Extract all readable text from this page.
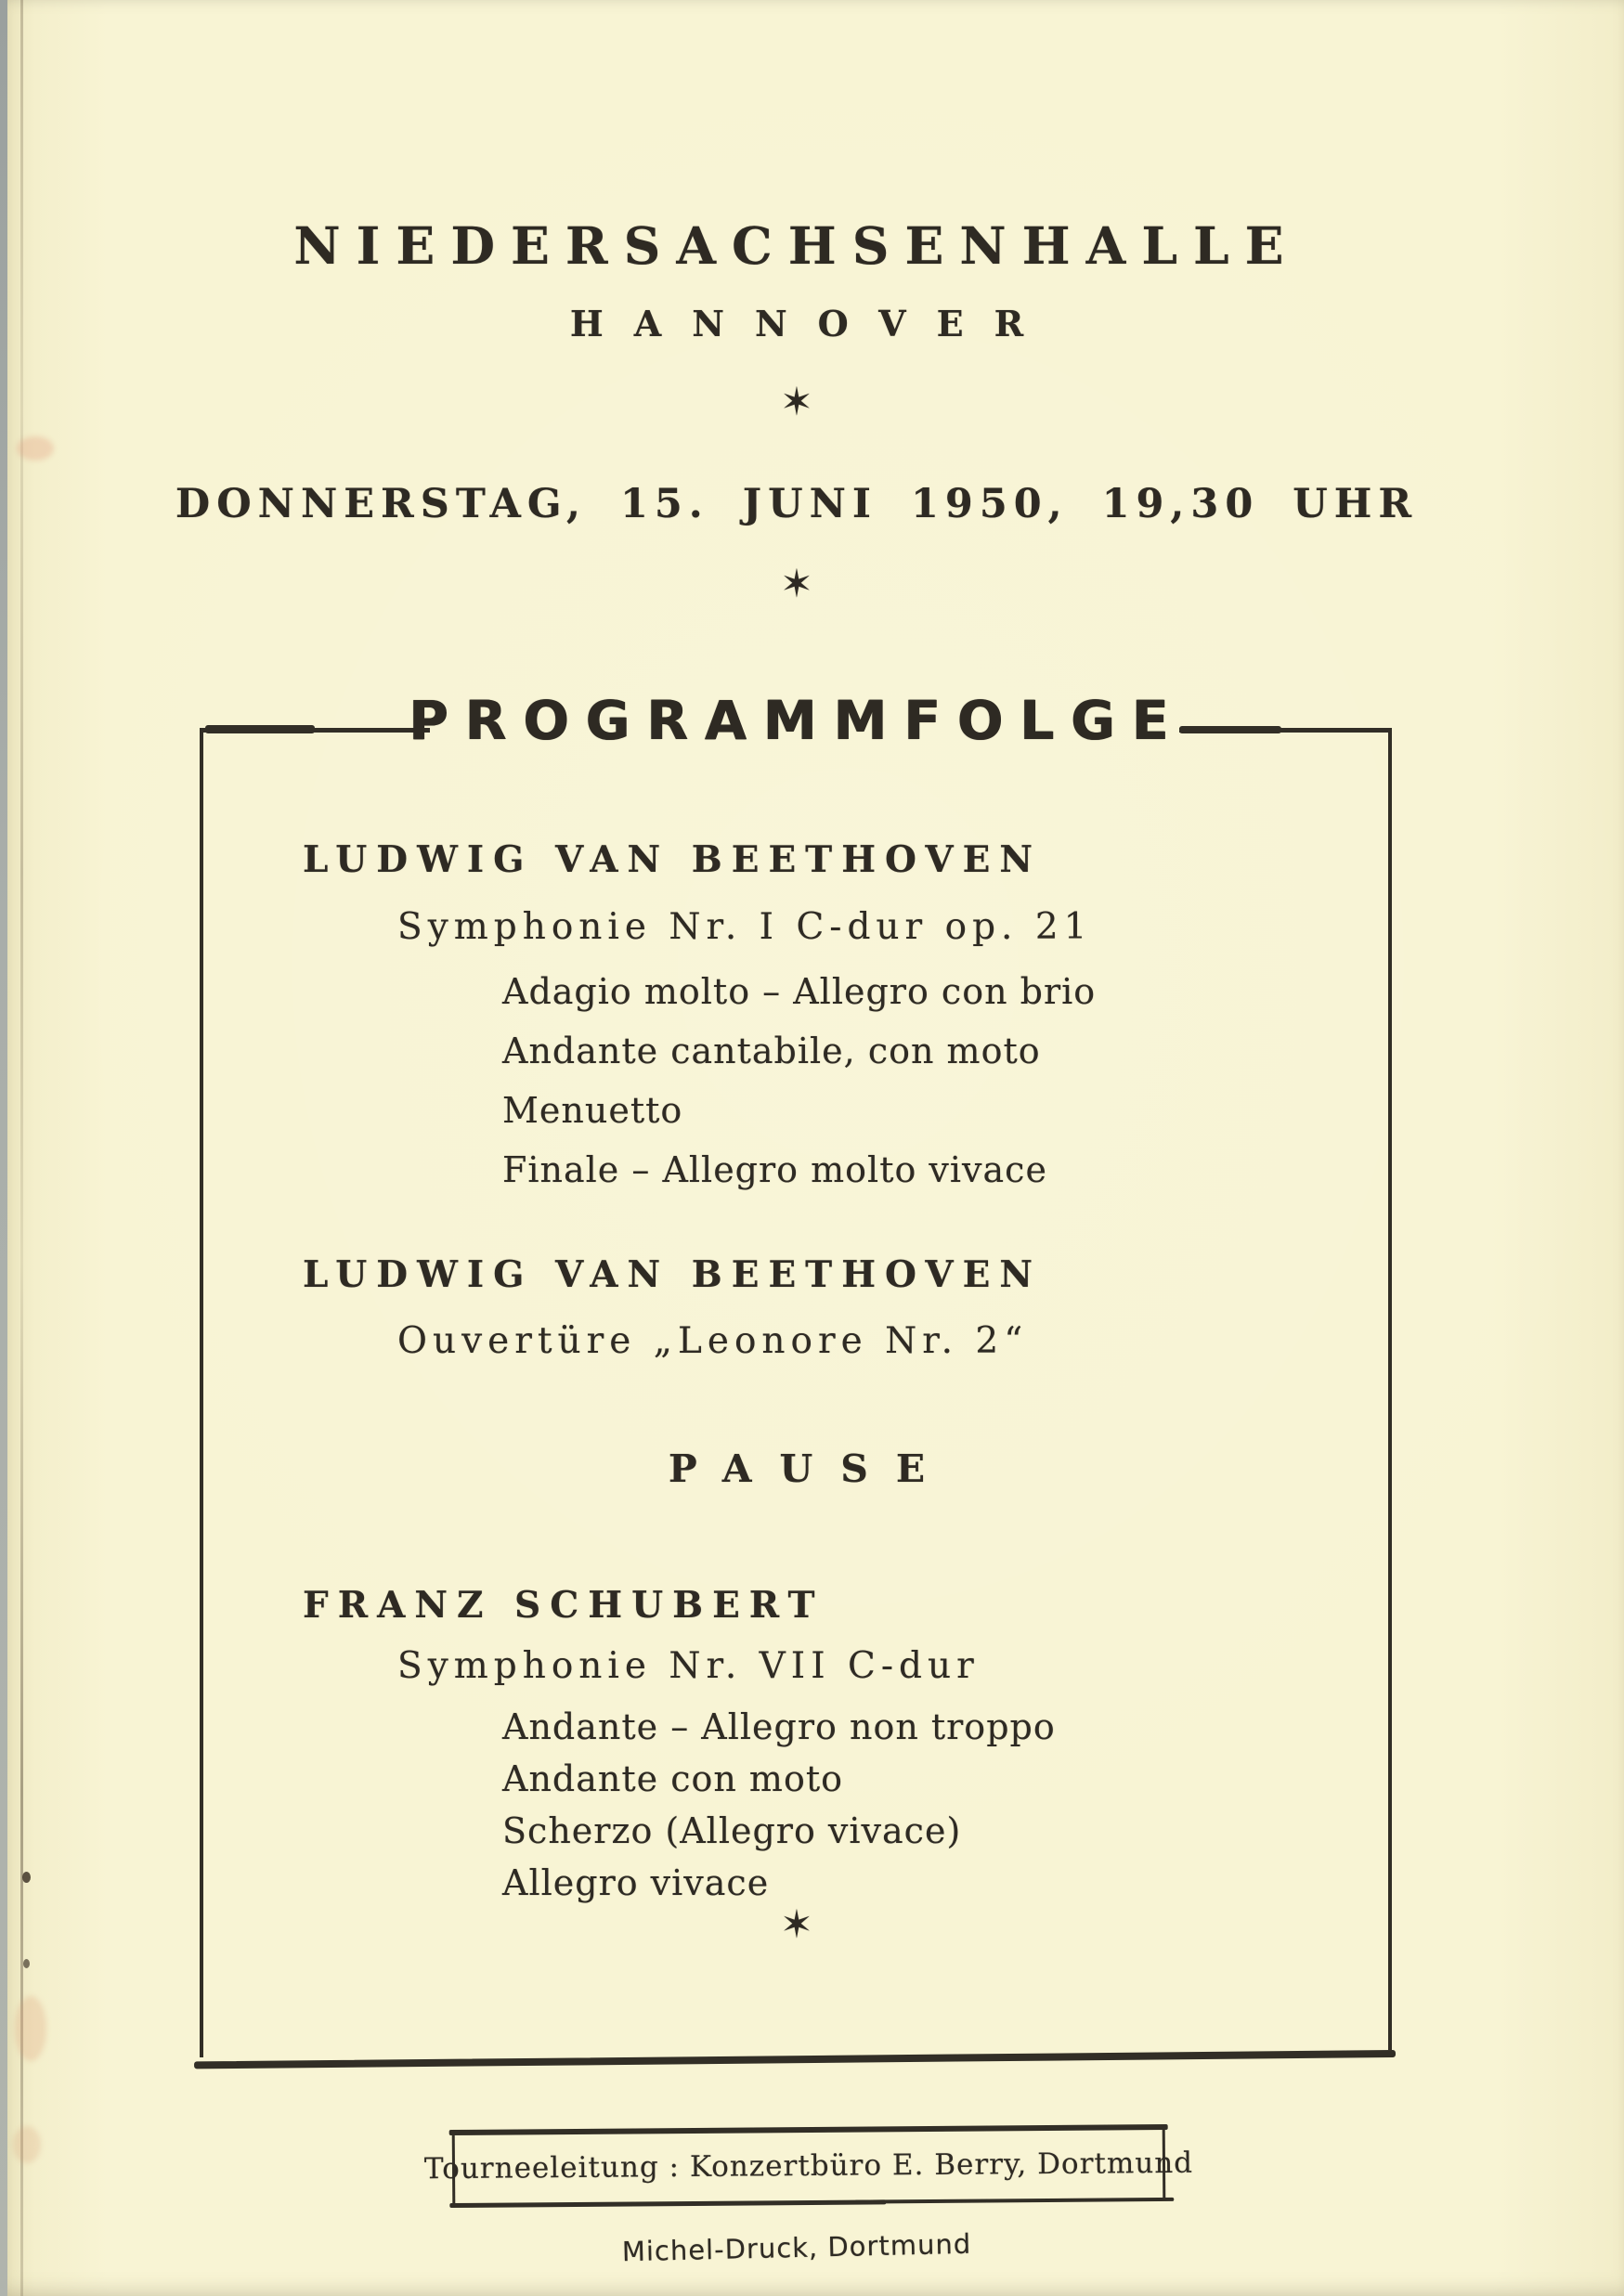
NIEDERSACHSENHALLE
HANNOVER
✶
DONNERSTAG, 15. JUNI 1950, 19,30 UHR
✶
PROGRAMMFOLGE
LUDWIG VAN BEETHOVEN
Symphonie Nr. I C-dur op. 21
Adagio molto – Allegro con brio
Andante cantabile, con moto
Menuetto
Finale – Allegro molto vivace
LUDWIG VAN BEETHOVEN
Ouvertüre „Leonore Nr. 2“
PAUSE
FRANZ SCHUBERT
Symphonie Nr. VII C-dur
Andante – Allegro non troppo
Andante con moto
Scherzo (Allegro vivace)
Allegro vivace
✶
Tourneeleitung : Konzertbüro E. Berry, Dortmund
Michel-Druck, Dortmund
